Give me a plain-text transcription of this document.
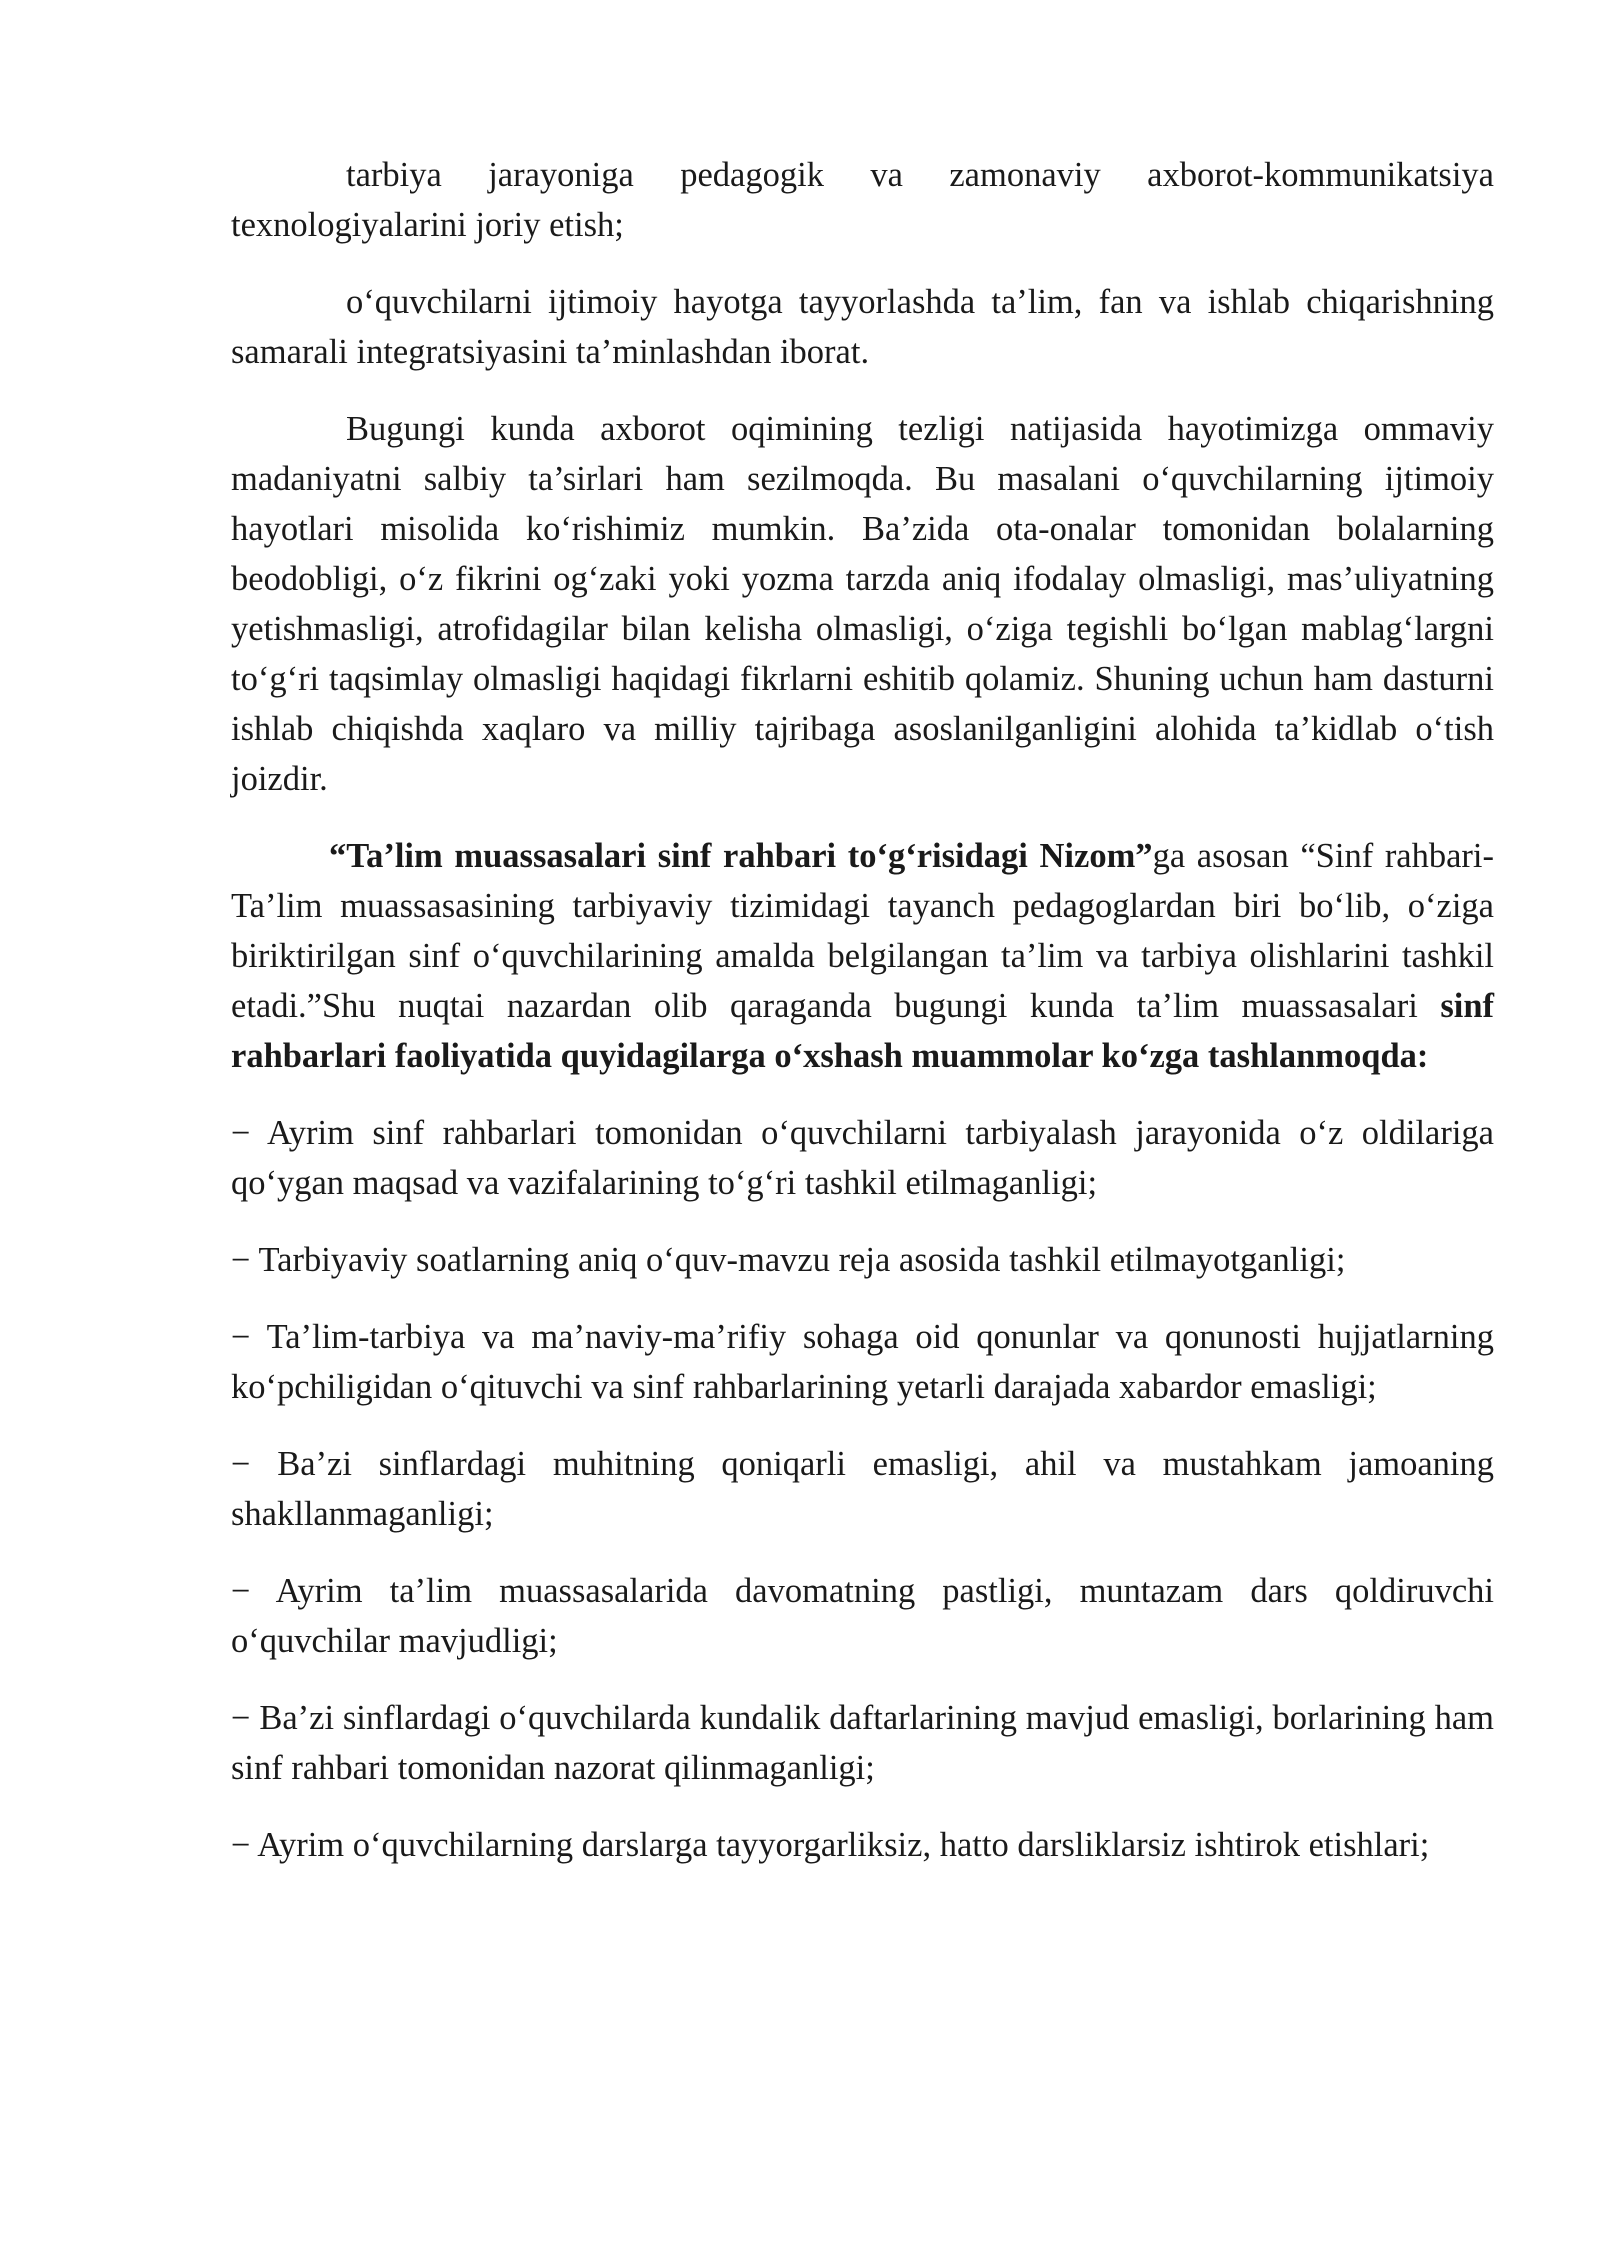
tarbiya jarayoniga pedagogik va zamonaviy axborot-kommunikatsiya texnologiyalarini joriy etish;

o‘quvchilarni ijtimoiy hayotga tayyorlashda ta’lim, fan va ishlab chiqarishning samarali integratsiyasini ta’minlashdan iborat.

Bugungi kunda axborot oqimining tezligi natijasida hayotimizga ommaviy madaniyatni salbiy ta’sirlari ham sezilmoqda. Bu masalani o‘quvchilarning ijtimoiy hayotlari misolida ko‘rishimiz mumkin. Ba’zida ota-onalar tomonidan bolalarning beodobligi, o‘z fikrini og‘zaki yoki yozma tarzda aniq ifodalay olmasligi, mas’uliyatning yetishmasligi, atrofidagilar bilan kelisha olmasligi, o‘ziga tegishli bo‘lgan mablag‘largni to‘g‘ri taqsimlay olmasligi haqidagi fikrlarni eshitib qolamiz. Shuning uchun ham dasturni ishlab chiqishda xaqlaro va milliy tajribaga asoslanilganligini alohida ta’kidlab o‘tish joizdir.

“Ta’lim muassasalari sinf rahbari to‘g‘risidagi Nizom”ga asosan “Sinf rahbari- Ta’lim muassasasining tarbiyaviy tizimidagi tayanch pedagoglardan biri bo‘lib, o‘ziga biriktirilgan sinf o‘quvchilarining amalda belgilangan ta’lim va tarbiya olishlarini tashkil etadi.”Shu nuqtai nazardan olib qaraganda bugungi kunda ta’lim muassasalari sinf rahbarlari faoliyatida quyidagilarga o‘xshash muammolar ko‘zga tashlanmoqda:

− Ayrim sinf rahbarlari tomonidan o‘quvchilarni tarbiyalash jarayonida o‘z oldilariga qo‘ygan maqsad va vazifalarining to‘g‘ri tashkil etilmaganligi;

− Tarbiyaviy soatlarning aniq o‘quv-mavzu reja asosida tashkil etilmayotganligi;

− Ta’lim-tarbiya va ma’naviy-ma’rifiy sohaga oid qonunlar va qonunosti hujjatlarning ko‘pchiligidan o‘qituvchi va sinf rahbarlarining yetarli darajada xabardor emasligi;

− Ba’zi sinflardagi muhitning qoniqarli emasligi, ahil va mustahkam jamoaning shakllanmaganligi;

− Ayrim ta’lim muassasalarida davomatning pastligi, muntazam dars qoldiruvchi o‘quvchilar mavjudligi;

− Ba’zi sinflardagi o‘quvchilarda kundalik daftarlarining mavjud emasligi, borlarining ham sinf rahbari tomonidan nazorat qilinmaganligi;

− Ayrim o‘quvchilarning darslarga tayyorgarliksiz, hatto darsliklarsiz ishtirok etishlari;
